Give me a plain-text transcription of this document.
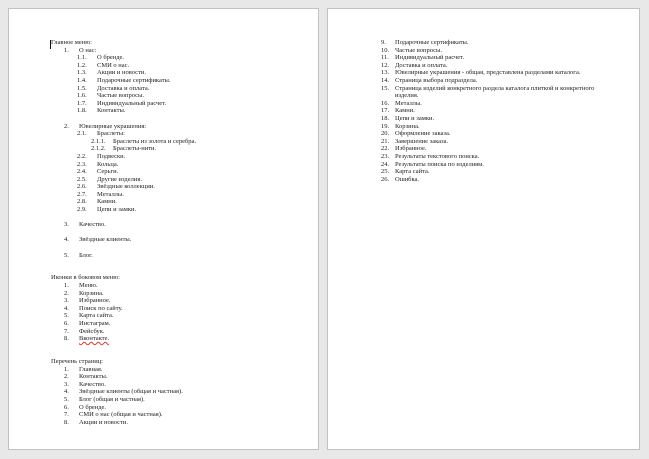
Главное меню:
1.	О нас:
1.1.	О бренде.
1.2.	СМИ о нас.
1.3.	Акции и новости.
1.4.	Подарочные сертификаты.
1.5.	Доставка и оплата.
1.6.	Частые вопросы.
1.7.	Индивидуальный расчет.
1.8.	Контакты.
2.	Ювелирные украшения:
2.1.	Браслеты:
2.1.1.	Браслеты из золота и серебра.
2.1.2.	Браслеты-нити.
2.2.	Подвески.
2.3.	Кольца.
2.4.	Серьги.
2.5.	Другие изделия.
2.6.	Звёздные коллекции.
2.7.	Металлы.
2.8.	Камни.
2.9.	Цепи и замки.
3.	Качество.
4.	Звёздные клиенты.
5.	Блог.
Иконки в боковом меню:
1.	Меню.
2.	Корзина.
3.	Избранное.
4.	Поиск по сайту.
5.	Карта сайта.
6.	Инстаграм.
7.	Фейсбук.
8.	Вконтакте.
Перечень страниц:
1.	Главная.
2.	Контакты.
3.	Качество.
4.	Звёздные клиенты (общая и частная).
5.	Блог (общая и частная).
6.	О бренде.
7.	СМИ о нас (общая и частная).
8.	Акции и новости.
9.	Подарочные сертификаты.
10. Частые вопросы.
11. Индивидуальный расчет.
12. Доставка и оплата.
13. Ювелирные украшения - общая, представлена разделами каталога.
14. Страница выбора подраздела.
15. Страница изделий конкретного раздела каталога плиткой и конкретного изделия.
16. Металлы.
17. Камни.
18. Цепи и замки.
19. Корзина.
20. Оформление заказа.
21. Завершение заказа.
22. Избранное.
23. Результаты текстового поиска.
24. Результаты поиска по изделиям.
25. Карта сайта.
26. Ошибка.
